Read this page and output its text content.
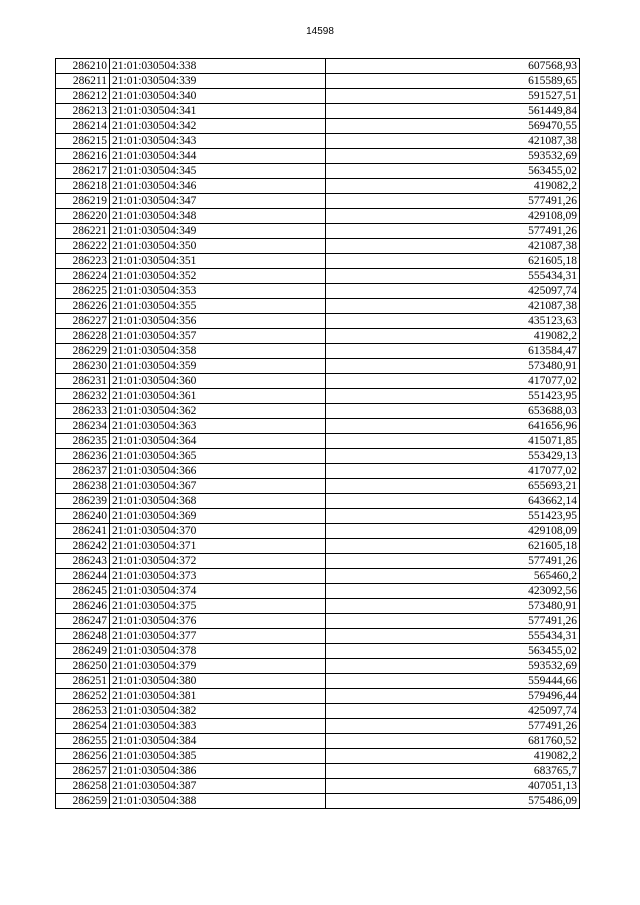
14598
286210	21:01:030504:338	607568,93
286211	21:01:030504:339	615589,65
286212	21:01:030504:340	591527,51
286213	21:01:030504:341	561449,84
286214	21:01:030504:342	569470,55
286215	21:01:030504:343	421087,38
286216	21:01:030504:344	593532,69
286217	21:01:030504:345	563455,02
286218	21:01:030504:346	419082,2
286219	21:01:030504:347	577491,26
286220	21:01:030504:348	429108,09
286221	21:01:030504:349	577491,26
286222	21:01:030504:350	421087,38
286223	21:01:030504:351	621605,18
286224	21:01:030504:352	555434,31
286225	21:01:030504:353	425097,74
286226	21:01:030504:355	421087,38
286227	21:01:030504:356	435123,63
286228	21:01:030504:357	419082,2
286229	21:01:030504:358	613584,47
286230	21:01:030504:359	573480,91
286231	21:01:030504:360	417077,02
286232	21:01:030504:361	551423,95
286233	21:01:030504:362	653688,03
286234	21:01:030504:363	641656,96
286235	21:01:030504:364	415071,85
286236	21:01:030504:365	553429,13
286237	21:01:030504:366	417077,02
286238	21:01:030504:367	655693,21
286239	21:01:030504:368	643662,14
286240	21:01:030504:369	551423,95
286241	21:01:030504:370	429108,09
286242	21:01:030504:371	621605,18
286243	21:01:030504:372	577491,26
286244	21:01:030504:373	565460,2
286245	21:01:030504:374	423092,56
286246	21:01:030504:375	573480,91
286247	21:01:030504:376	577491,26
286248	21:01:030504:377	555434,31
286249	21:01:030504:378	563455,02
286250	21:01:030504:379	593532,69
286251	21:01:030504:380	559444,66
286252	21:01:030504:381	579496,44
286253	21:01:030504:382	425097,74
286254	21:01:030504:383	577491,26
286255	21:01:030504:384	681760,52
286256	21:01:030504:385	419082,2
286257	21:01:030504:386	683765,7
286258	21:01:030504:387	407051,13
286259	21:01:030504:388	575486,09
